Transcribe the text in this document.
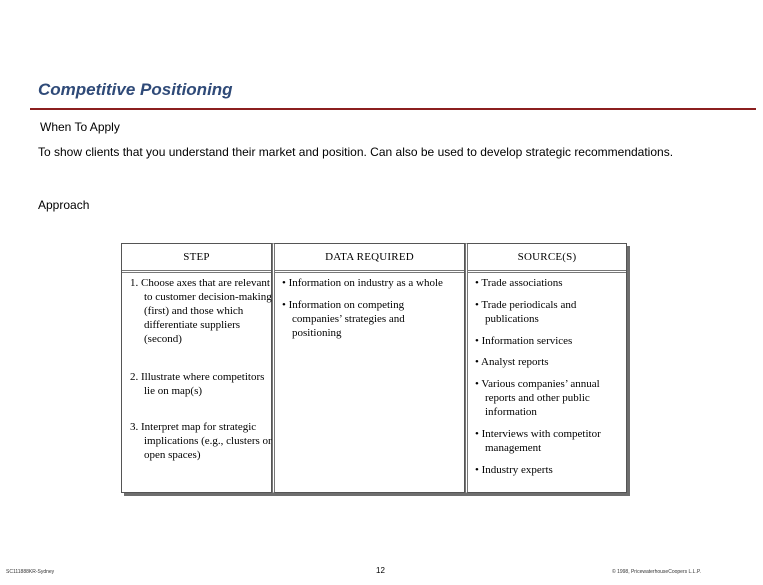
Competitive Positioning
When To Apply
To show clients that you understand their market and position. Can also be used to develop strategic recommendations.
Approach
STEP
1. Choose axes that are relevant to customer decision-making (first) and those which differentiate suppliers (second)
2. Illustrate where competitors lie on map(s)
3. Interpret map for strategic implications (e.g., clusters or open spaces)
DATA REQUIRED
• Information on industry as a whole
• Information on competing companies’ strategies and positioning
SOURCE(S)
• Trade associations
• Trade periodicals and publications
• Information services
• Analyst reports
• Various companies’ annual reports and other public information
• Interviews with competitor management
• Industry experts
SC111888KR-Sydney	12	© 1998, PricewaterhouseCoopers L.L.P.
